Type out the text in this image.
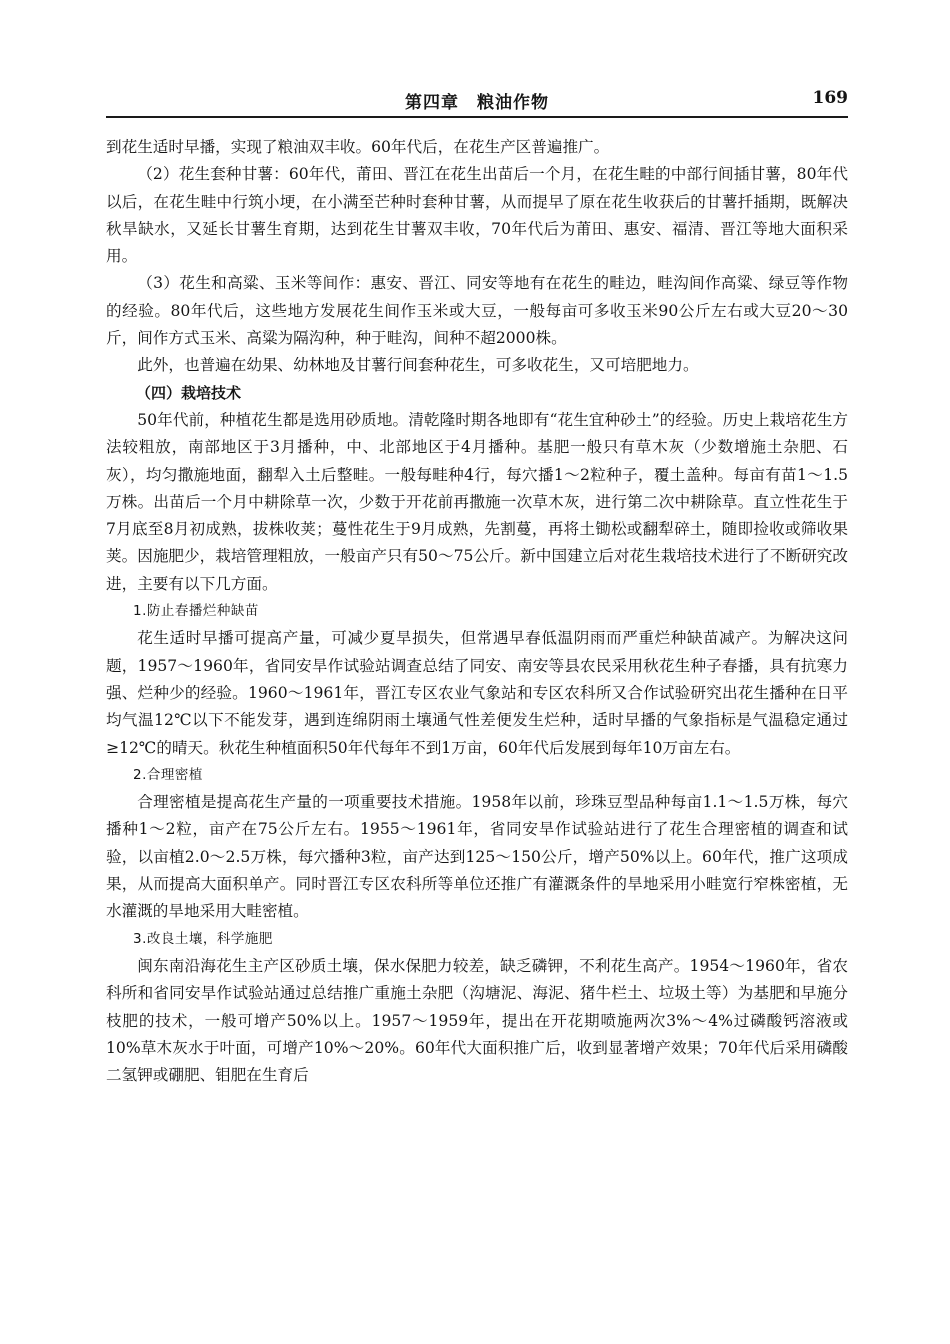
第四章　粮油作物	169

到花生适时早播，实现了粮油双丰收。60年代后，在花生产区普遍推广。

（2）花生套种甘薯：60年代，莆田、晋江在花生出苗后一个月，在花生畦的中部行间插甘薯，80年代以后，在花生畦中行筑小埂，在小满至芒种时套种甘薯，从而提早了原在花生收获后的甘薯扦插期，既解决秋旱缺水，又延长甘薯生育期，达到花生甘薯双丰收，70年代后为莆田、惠安、福清、晋江等地大面积采用。

（3）花生和高粱、玉米等间作：惠安、晋江、同安等地有在花生的畦边，畦沟间作高粱、绿豆等作物的经验。80年代后，这些地方发展花生间作玉米或大豆，一般每亩可多收玉米90公斤左右或大豆20～30斤，间作方式玉米、高粱为隔沟种，种于畦沟，间种不超2000株。

此外，也普遍在幼果、幼林地及甘薯行间套种花生，可多收花生，又可培肥地力。

（四）栽培技术

50年代前，种植花生都是选用砂质地。清乾隆时期各地即有“花生宜种砂土”的经验。历史上栽培花生方法较粗放，南部地区于3月播种，中、北部地区于4月播种。基肥一般只有草木灰（少数增施土杂肥、石灰），均匀撒施地面，翻犁入土后整畦。一般每畦种4行，每穴播1～2粒种子，覆土盖种。每亩有苗1～1.5万株。出苗后一个月中耕除草一次，少数于开花前再撒施一次草木灰，进行第二次中耕除草。直立性花生于7月底至8月初成熟，拔株收荚；蔓性花生于9月成熟，先割蔓，再将土锄松或翻犁碎土，随即捡收或筛收果荚。因施肥少，栽培管理粗放，一般亩产只有50～75公斤。新中国建立后对花生栽培技术进行了不断研究改进，主要有以下几方面。

1.防止春播烂种缺苗

花生适时早播可提高产量，可减少夏旱损失，但常遇早春低温阴雨而严重烂种缺苗减产。为解决这问题，1957～1960年，省同安旱作试验站调查总结了同安、南安等县农民采用秋花生种子春播，具有抗寒力强、烂种少的经验。1960～1961年，晋江专区农业气象站和专区农科所又合作试验研究出花生播种在日平均气温12℃以下不能发芽，遇到连绵阴雨土壤通气性差便发生烂种，适时早播的气象指标是气温稳定通过≥12℃的晴天。秋花生种植面积50年代每年不到1万亩，60年代后发展到每年10万亩左右。

2.合理密植

合理密植是提高花生产量的一项重要技术措施。1958年以前，珍珠豆型品种每亩1.1～1.5万株，每穴播种1～2粒，亩产在75公斤左右。1955～1961年，省同安旱作试验站进行了花生合理密植的调查和试验，以亩植2.0～2.5万株，每穴播种3粒，亩产达到125～150公斤，增产50%以上。60年代，推广这项成果，从而提高大面积单产。同时晋江专区农科所等单位还推广有灌溉条件的旱地采用小畦宽行窄株密植，无水灌溉的旱地采用大畦密植。

3.改良土壤，科学施肥

闽东南沿海花生主产区砂质土壤，保水保肥力较差，缺乏磷钾，不利花生高产。1954～1960年，省农科所和省同安旱作试验站通过总结推广重施土杂肥（沟塘泥、海泥、猪牛栏土、垃圾土等）为基肥和早施分枝肥的技术，一般可增产50%以上。1957～1959年，提出在开花期喷施两次3%～4%过磷酸钙溶液或10%草木灰水于叶面，可增产10%～20%。60年代大面积推广后，收到显著增产效果；70年代后采用磷酸二氢钾或硼肥、钼肥在生育后
